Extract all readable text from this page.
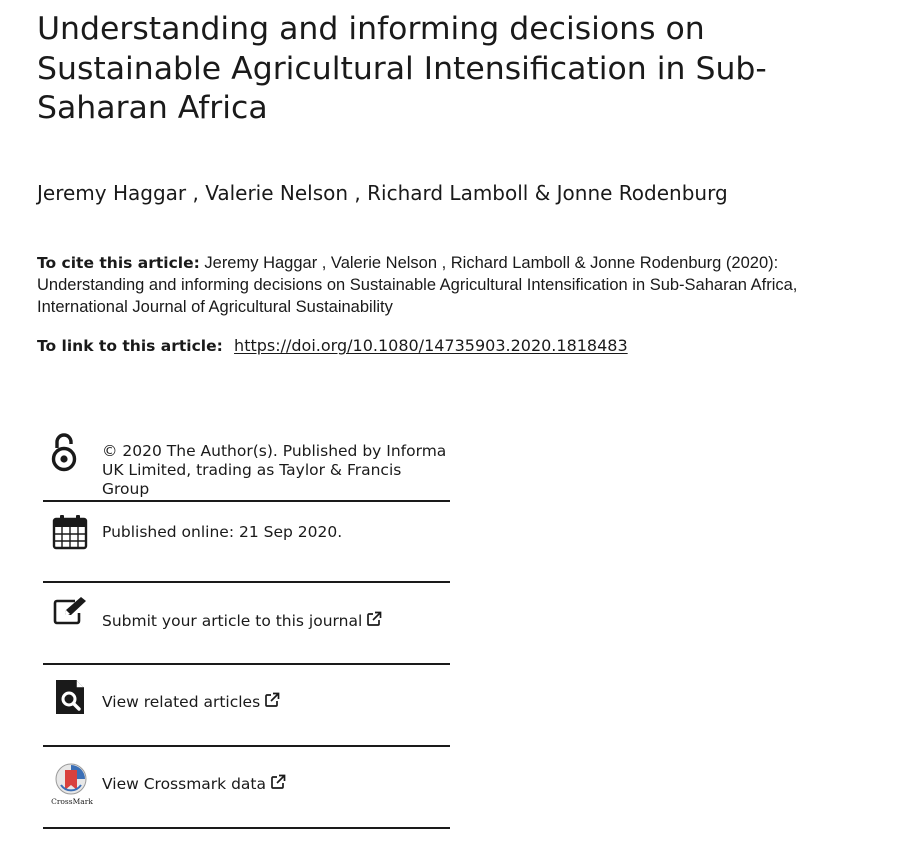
Understanding and informing decisions on Sustainable Agricultural Intensification in Sub-Saharan Africa
Jeremy Haggar , Valerie Nelson , Richard Lamboll & Jonne Rodenburg
To cite this article: Jeremy Haggar , Valerie Nelson , Richard Lamboll & Jonne Rodenburg (2020): Understanding and informing decisions on Sustainable Agricultural Intensification in Sub-Saharan Africa, International Journal of Agricultural Sustainability
To link to this article: https://doi.org/10.1080/14735903.2020.1818483
© 2020 The Author(s). Published by Informa UK Limited, trading as Taylor & Francis Group
Published online: 21 Sep 2020.
Submit your article to this journal
View related articles
CrossMark
View Crossmark data
